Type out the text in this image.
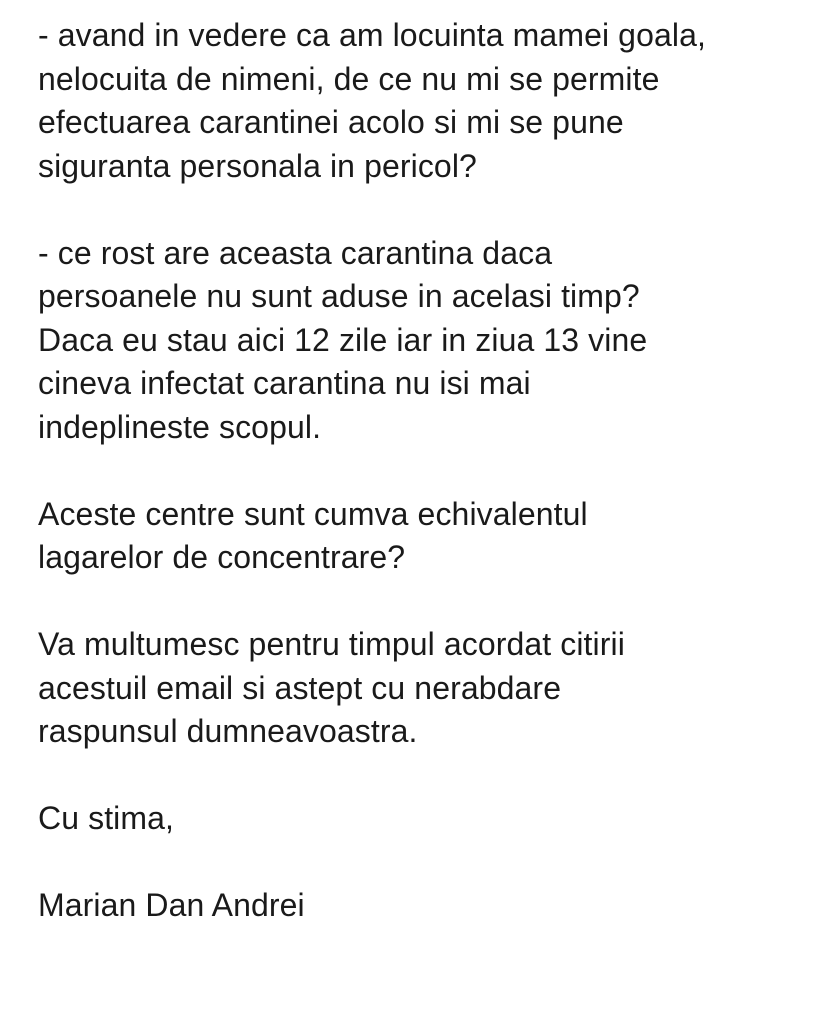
- avand in vedere ca am locuinta mamei goala,
nelocuita de nimeni, de ce nu mi se permite
efectuarea carantinei acolo si mi se pune
siguranta personala in pericol?

- ce rost are aceasta carantina daca
persoanele nu sunt aduse in acelasi timp?
Daca eu stau aici 12 zile iar in ziua 13 vine
cineva infectat carantina nu isi mai
indeplineste scopul.

Aceste centre sunt cumva echivalentul
lagarelor de concentrare?

Va multumesc pentru timpul acordat citirii
acestuil email si astept cu nerabdare
raspunsul dumneavoastra.

Cu stima,

Marian Dan Andrei
